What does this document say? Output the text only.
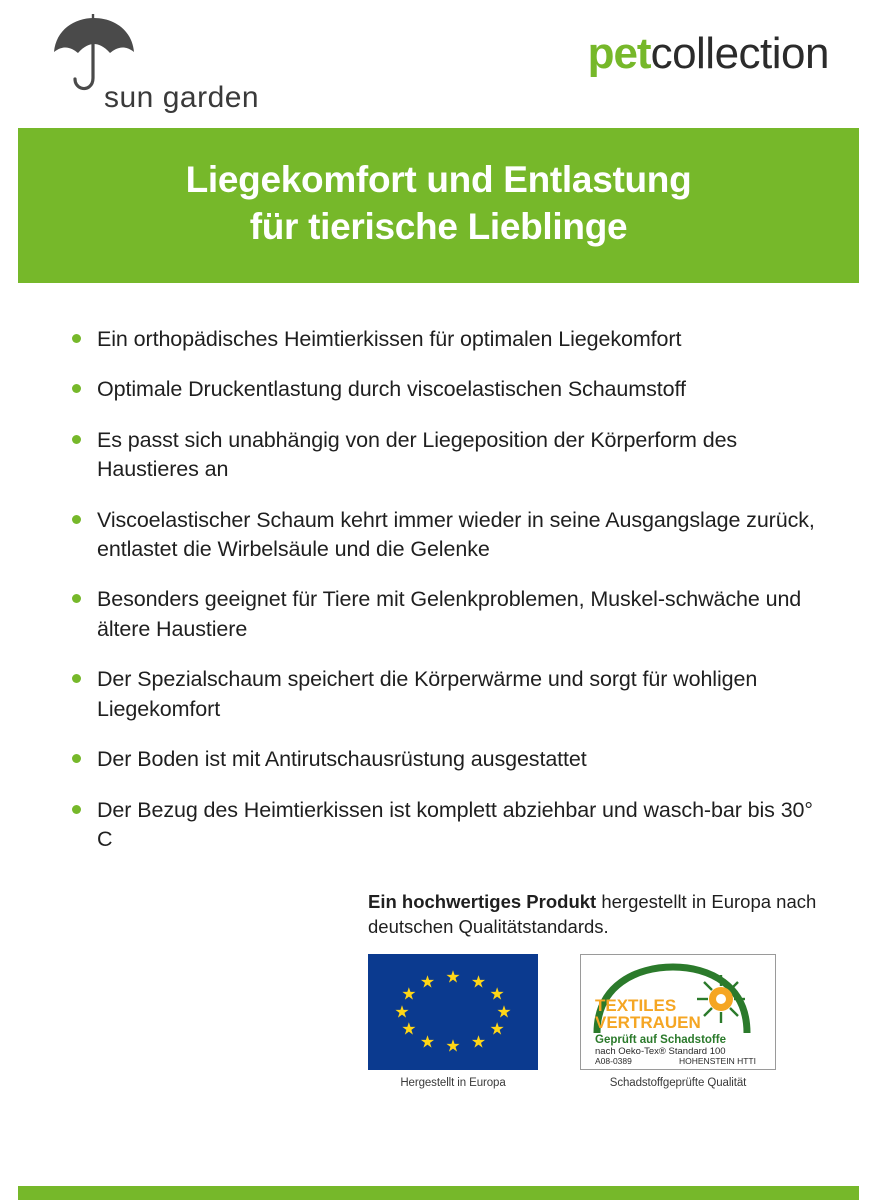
sun garden
petcollection
Liegekomfort und Entlastung
für tierische Lieblinge
Ein orthopädisches Heimtierkissen für optimalen Liegekomfort
Optimale Druckentlastung durch viscoelastischen Schaumstoff
Es passt sich unabhängig von der Liegeposition der Körperform des Haustieres an
Viscoelastischer Schaum kehrt immer wieder in seine Ausgangslage zurück, entlastet die Wirbelsäule und die Gelenke
Besonders geeignet für Tiere mit Gelenkproblemen, Muskel-schwäche und ältere Haustiere
Der Spezialschaum speichert die Körperwärme und sorgt für wohligen Liegekomfort
Der Boden ist mit Antirutschausrüstung ausgestattet
Der Bezug des Heimtierkissen ist komplett abziehbar und wasch-bar bis 30° C
Ein hochwertiges Produkt hergestellt in Europa nach deutschen Qualitätstandards.
★ ★
★
★
★
★
★
★
★
★
★
★
Hergestellt in Europa
TEXTILES
VERTRAUEN
Geprüft auf Schadstoffe
nach Oeko-Tex® Standard 100
A08-0389	HOHENSTEIN HTTI
Schadstoffgeprüfte Qualität
